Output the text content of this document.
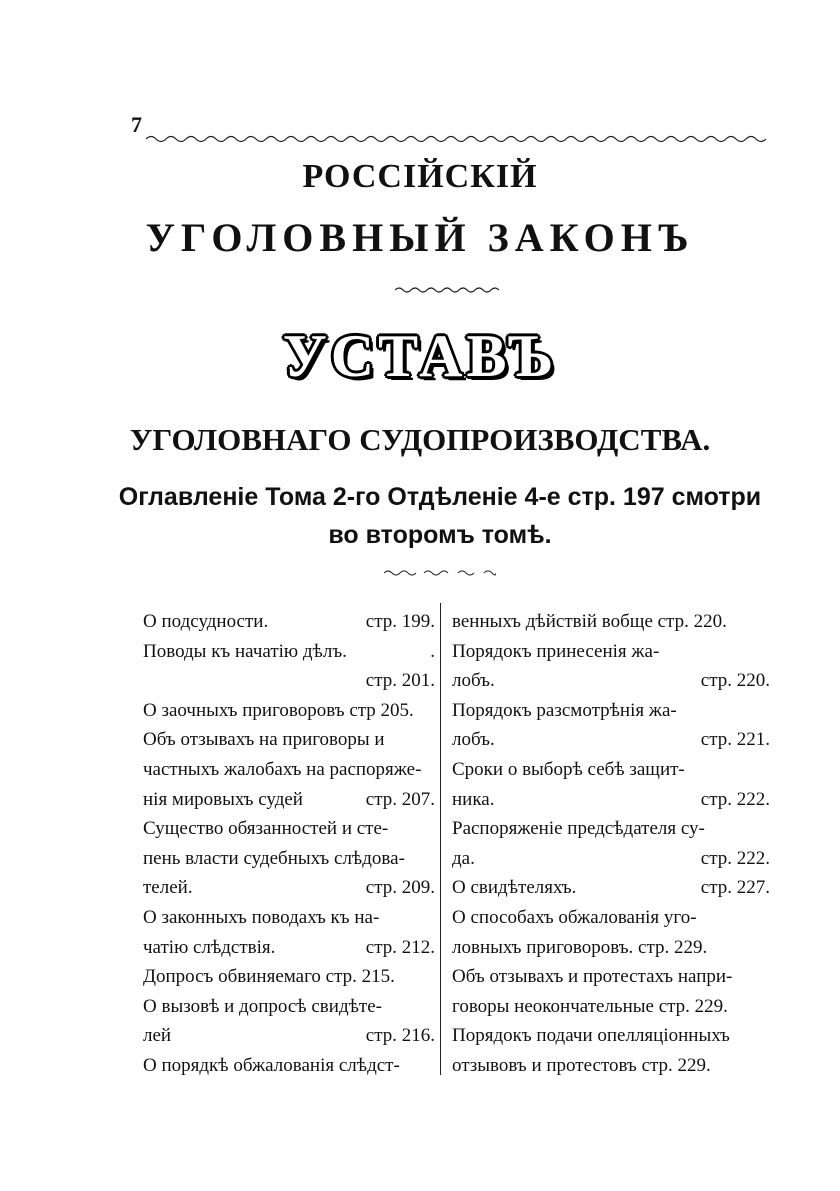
7
РОССІЙСКІЙ
УГОЛОВНЫЙ ЗАКОНЪ
УСТАВЪ
УГОЛОВНАГО СУДОПРОИЗВОДСТВА.
Оглавленіе Тома 2-го Отдѣленіе 4-е стр. 197 смотри
во второмъ томѣ.
О подсудности.	стр. 199.
Поводы къ начатію дѣлъ.	.
стр. 201.
О заочныхъ приговоровъ стр 205.
Объ отзывахъ на приговоры и
частныхъ жалобахъ на распоряже-
нія мировыхъ судей	стр. 207.
Существо обязанностей и сте-
пень власти судебныхъ слѣдова-
телей.	стр. 209.
О законныхъ поводахъ къ на-
чатію слѣдствія.	стр. 212.
Допросъ обвиняемаго стр. 215.
О вызовѣ и допросѣ свидѣте-
лей	стр. 216.
О порядкѣ обжалованія слѣдст-
венныхъ дѣйствій вобще стр. 220.
Порядокъ принесенія жа-
лобъ.	стр. 220.
Порядокъ разсмотрѣнія жа-
лобъ.	стр. 221.
Сроки о выборѣ себѣ защит-
ника.	стр. 222.
Распоряженіе предсѣдателя су-
да.	стр. 222.
О свидѣтеляхъ.	стр. 227.
О способахъ обжалованія уго-
ловныхъ приговоровъ. стр. 229.
Объ отзывахъ и протестахъ напри-
говоры неокончательные стр. 229.
Порядокъ подачи опелляціонныхъ
отзывовъ и протестовъ стр. 229.
